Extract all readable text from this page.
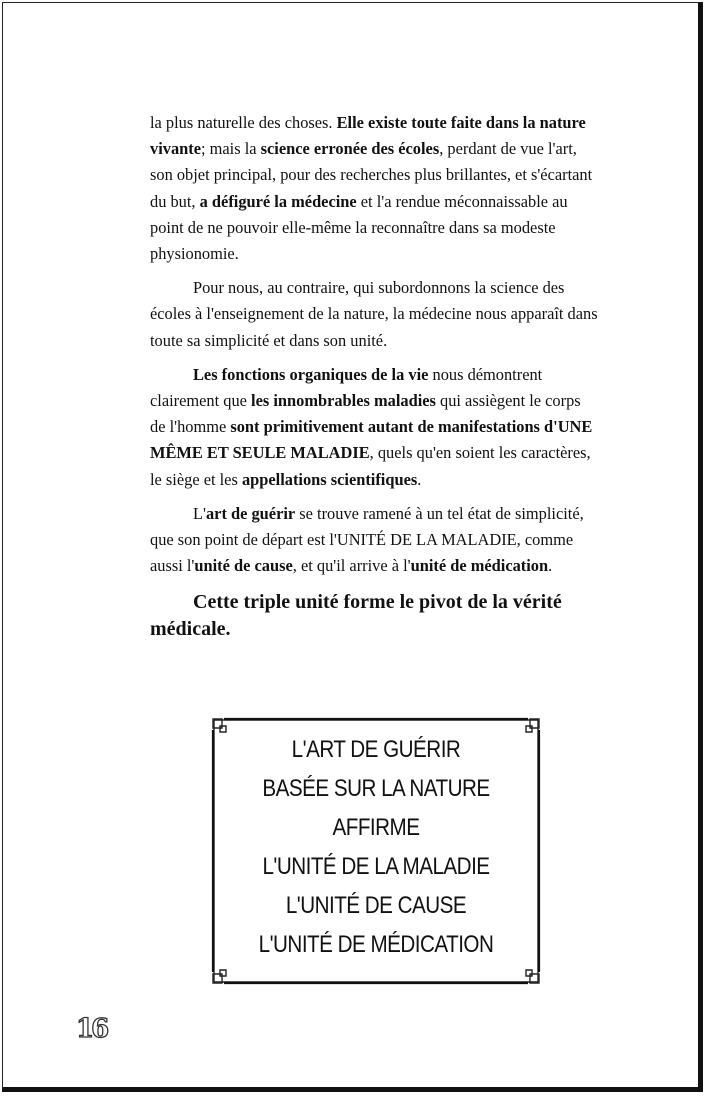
la plus naturelle des choses. Elle existe toute faite dans la nature vivante; mais la science erronée des écoles, perdant de vue l'art, son objet principal, pour des recherches plus brillantes, et s'écartant du but, a défiguré la médecine et l'a rendue méconnaissable au point de ne pouvoir elle-même la reconnaître dans sa modeste physionomie.

Pour nous, au contraire, qui subordonnons la science des écoles à l'enseignement de la nature, la médecine nous apparaît dans toute sa simplicité et dans son unité.

Les fonctions organiques de la vie nous démontrent clairement que les innombrables maladies qui assiègent le corps de l'homme sont primitivement autant de manifestations d'UNE MÊME ET SEULE MALADIE, quels qu'en soient les caractères, le siège et les appellations scientifiques.

L'art de guérir se trouve ramené à un tel état de simplicité, que son point de départ est l'UNITÉ DE LA MALADIE, comme aussi l'unité de cause, et qu'il arrive à l'unité de médication.

Cette triple unité forme le pivot de la vérité médicale.

L'ART DE GUÉRIR
BASÉE SUR LA NATURE
AFFIRME
L'UNITÉ DE LA MALADIE
L'UNITÉ DE CAUSE
L'UNITÉ DE MÉDICATION
16
